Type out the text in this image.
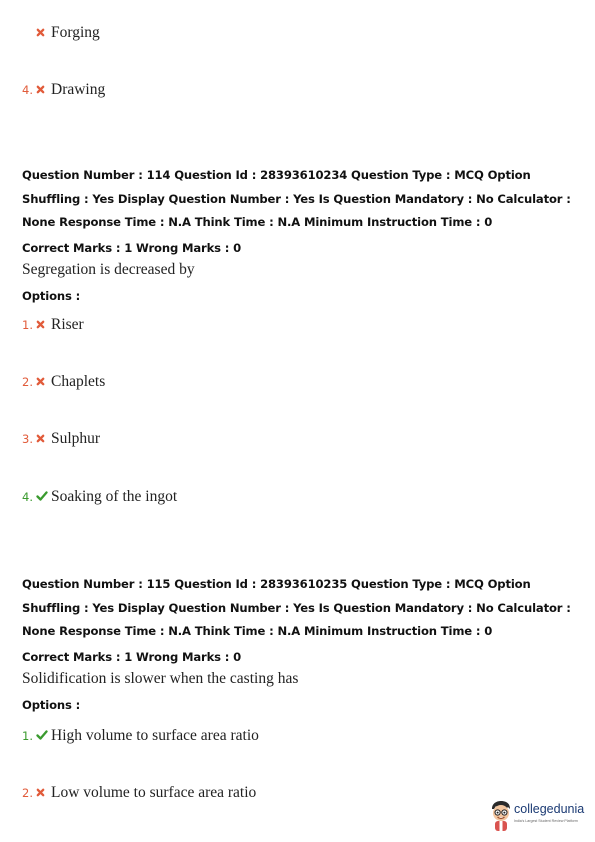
Forging
4. Drawing
Question Number : 114 Question Id : 28393610234 Question Type : MCQ Option Shuffling : Yes Display Question Number : Yes Is Question Mandatory : No Calculator : None Response Time : N.A Think Time : N.A Minimum Instruction Time : 0
Correct Marks : 1 Wrong Marks : 0
Segregation is decreased by
Options :
1. Riser
2. Chaplets
3. Sulphur
4. Soaking of the ingot
Question Number : 115 Question Id : 28393610235 Question Type : MCQ Option Shuffling : Yes Display Question Number : Yes Is Question Mandatory : No Calculator : None Response Time : N.A Think Time : N.A Minimum Instruction Time : 0
Correct Marks : 1 Wrong Marks : 0
Solidification is slower when the casting has
Options :
1. High volume to surface area ratio
2. Low volume to surface area ratio
collegedunia
India's Largest Student Review Platform
